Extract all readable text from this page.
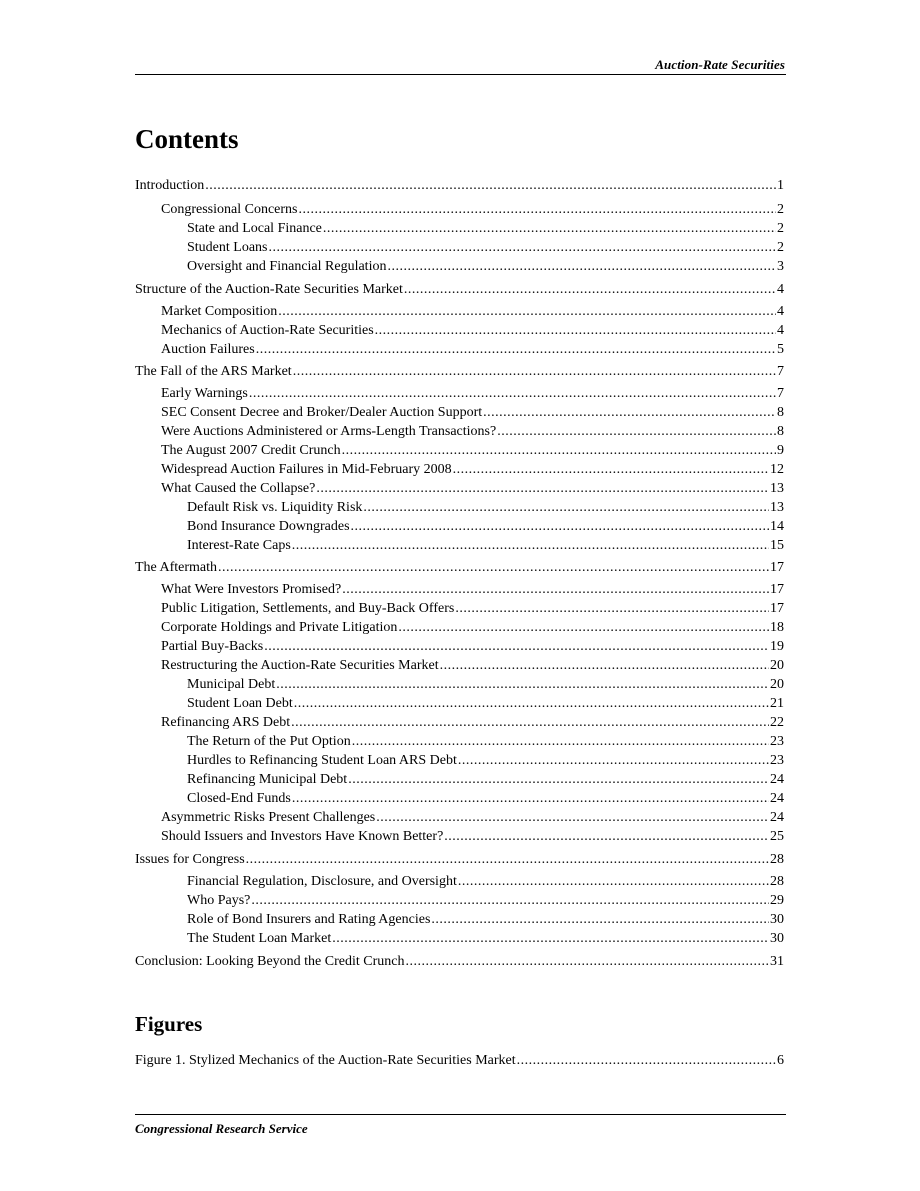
Auction-Rate Securities
Contents
Introduction .....	1
Congressional Concerns .....	2
State and Local Finance .....	2
Student Loans .....	2
Oversight and Financial Regulation .....	3
Structure of the Auction-Rate Securities Market .....	4
Market Composition .....	4
Mechanics of Auction-Rate Securities .....	4
Auction Failures .....	5
The Fall of the ARS Market .....	7
Early Warnings .....	7
SEC Consent Decree and Broker/Dealer Auction Support .....	8
Were Auctions Administered or Arms-Length Transactions? .....	8
The August 2007 Credit Crunch .....	9
Widespread Auction Failures in Mid-February 2008 .....	12
What Caused the Collapse? .....	13
Default Risk vs. Liquidity Risk .....	13
Bond Insurance Downgrades .....	14
Interest-Rate Caps .....	15
The Aftermath .....	17
What Were Investors Promised? .....	17
Public Litigation, Settlements, and Buy-Back Offers .....	17
Corporate Holdings and Private Litigation .....	18
Partial Buy-Backs .....	19
Restructuring the Auction-Rate Securities Market .....	20
Municipal Debt .....	20
Student Loan Debt .....	21
Refinancing ARS Debt .....	22
The Return of the Put Option .....	23
Hurdles to Refinancing Student Loan ARS Debt .....	23
Refinancing Municipal Debt .....	24
Closed-End Funds .....	24
Asymmetric Risks Present Challenges .....	24
Should Issuers and Investors Have Known Better? .....	25
Issues for Congress .....	28
Financial Regulation, Disclosure, and Oversight .....	28
Who Pays? .....	29
Role of Bond Insurers and Rating Agencies .....	30
The Student Loan Market .....	30
Conclusion: Looking Beyond the Credit Crunch .....	31
Figures
Figure 1. Stylized Mechanics of the Auction-Rate Securities Market .....	6
Congressional Research Service
